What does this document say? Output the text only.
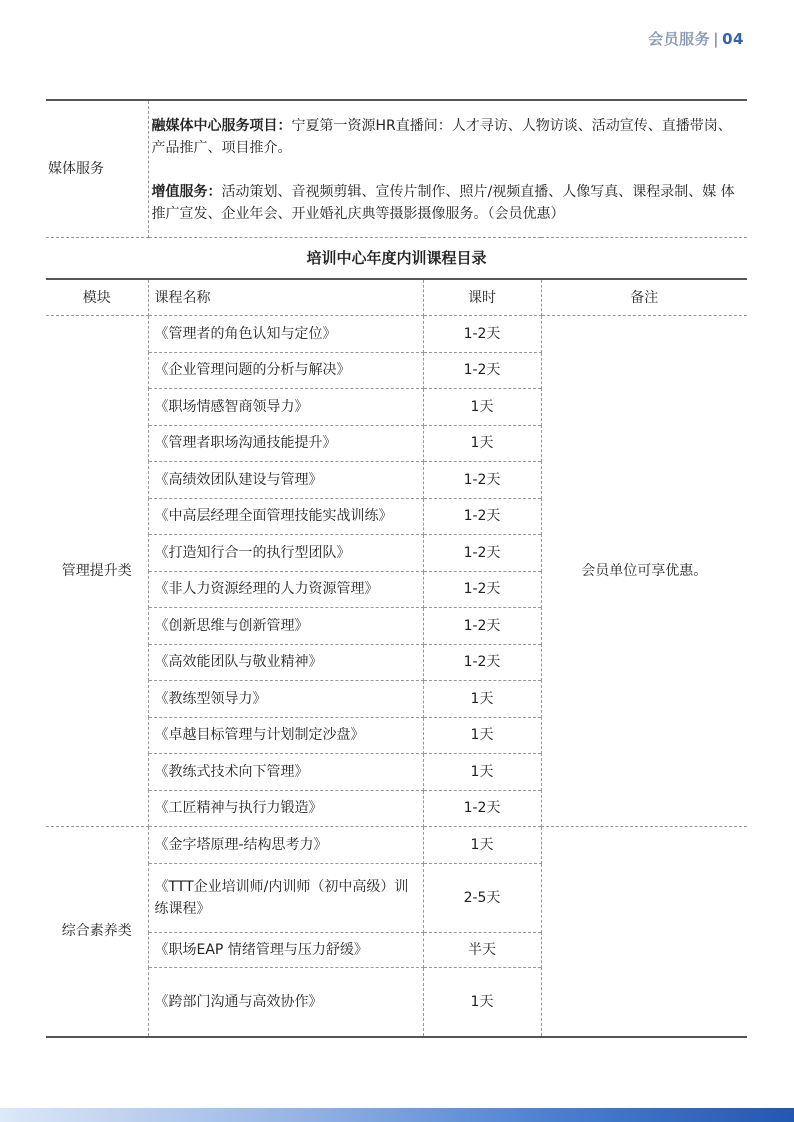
会员服务 | 04
媒体服务	融媒体中心服务项目：宁夏第一资源HR直播间：人才寻访、人物访谈、活动宣传、直播带岗、 产品推广、项目推介。

增值服务：活动策划、音视频剪辑、宣传片制作、照片/视频直播、人像写真、课程录制、媒 体推广宣发、企业年会、开业婚礼庆典等摄影摄像服务。（会员优惠）		

培训中心年度内训课程目录			
模块	课程名称	课时	备注
管理提升类	《管理者的角色认知与定位》	1-2天	会员单位可享优惠。
	《企业管理问题的分析与解决》	1-2天	
	《职场情感智商领导力》	1天	
	《管理者职场沟通技能提升》	1天	
	《高绩效团队建设与管理》	1-2天	
	《中高层经理全面管理技能实战训练》	1-2天	
	《打造知行合一的执行型团队》	1-2天	
	《非人力资源经理的人力资源管理》	1-2天	
	《创新思维与创新管理》	1-2天	
	《高效能团队与敬业精神》	1-2天	
	《教练型领导力》	1天	
	《卓越目标管理与计划制定沙盘》	1天	
	《教练式技术向下管理》	1天	
	《工匠精神与执行力锻造》	1-2天	
综合素养类	《金字塔原理-结构思考力》	1天	
	《TTT企业培训师/内训师（初中高级）训练课程》	2-5天	
	《职场EAP 情绪管理与压力舒缓》	半天	
	《跨部门沟通与高效协作》	1天	
